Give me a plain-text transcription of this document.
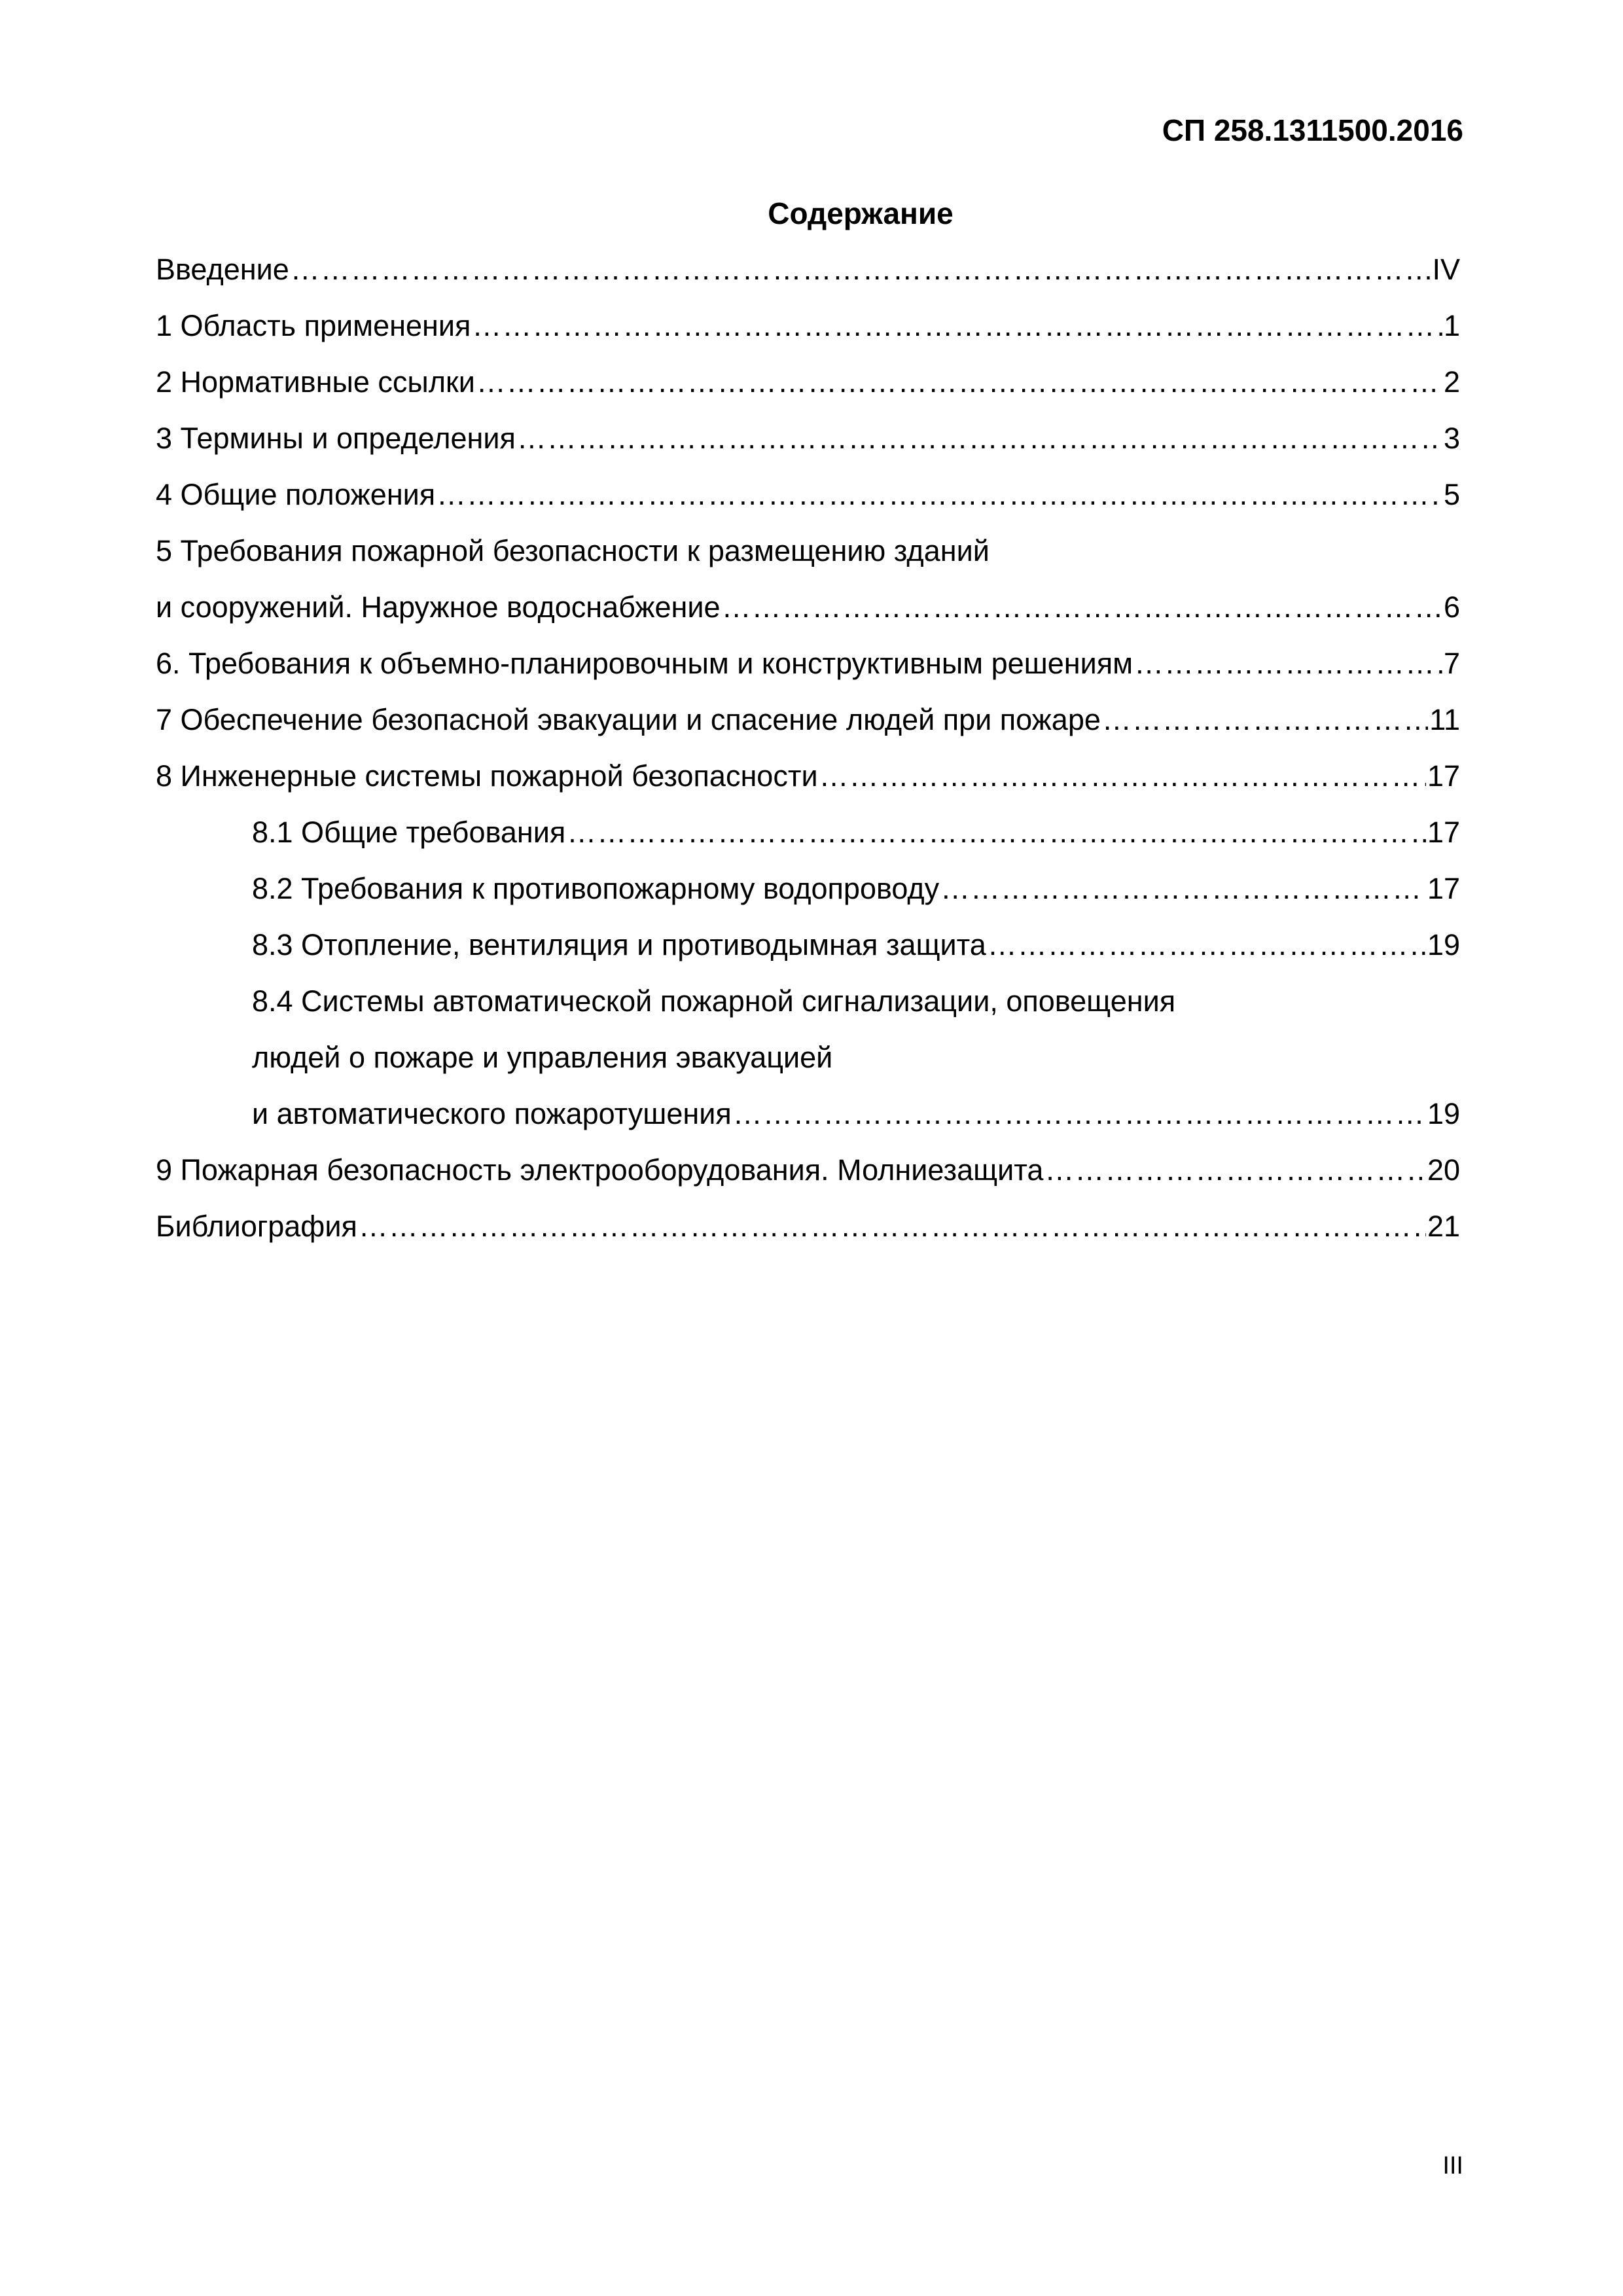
СП 258.1311500.2016
Содержание
Введение …………………………………………………………………………………………………………………………………………………………………………………………	IV
1 Область применения …………………………………………………………………………………………………………………………………………………………………………………………	1
2 Нормативные ссылки …………………………………………………………………………………………………………………………………………………………………………………………	2
3 Термины и определения …………………………………………………………………………………………………………………………………………………………………………………………	3
4 Общие положения …………………………………………………………………………………………………………………………………………………………………………………………	5
5 Требования пожарной безопасности к размещению зданий
и сооружений. Наружное водоснабжение …………………………………………………………………………………………………………………………………………………………………………………………	6
6. Требования к объемно-планировочным и конструктивным решениям …………………………………………………………………………………………………………………………………………………………………………………………	7
7 Обеспечение безопасной эвакуации и спасение людей при пожаре …………………………………………………………………………………………………………………………………………………………………………………………	11
8 Инженерные системы пожарной безопасности …………………………………………………………………………………………………………………………………………………………………………………………	17
8.1 Общие требования …………………………………………………………………………………………………………………………………………………………………………………………	17
8.2 Требования к противопожарному водопроводу …………………………………………………………………………………………………………………………………………………………………………………………	17
8.3 Отопление, вентиляция и противодымная защита …………………………………………………………………………………………………………………………………………………………………………………………	19
8.4 Системы автоматической пожарной сигнализации, оповещения
людей о пожаре и управления эвакуацией
и автоматического пожаротушения …………………………………………………………………………………………………………………………………………………………………………………………	19
9 Пожарная безопасность электрооборудования. Молниезащита …………………………………………………………………………………………………………………………………………………………………………………………	20
Библиография …………………………………………………………………………………………………………………………………………………………………………………………	21
III
